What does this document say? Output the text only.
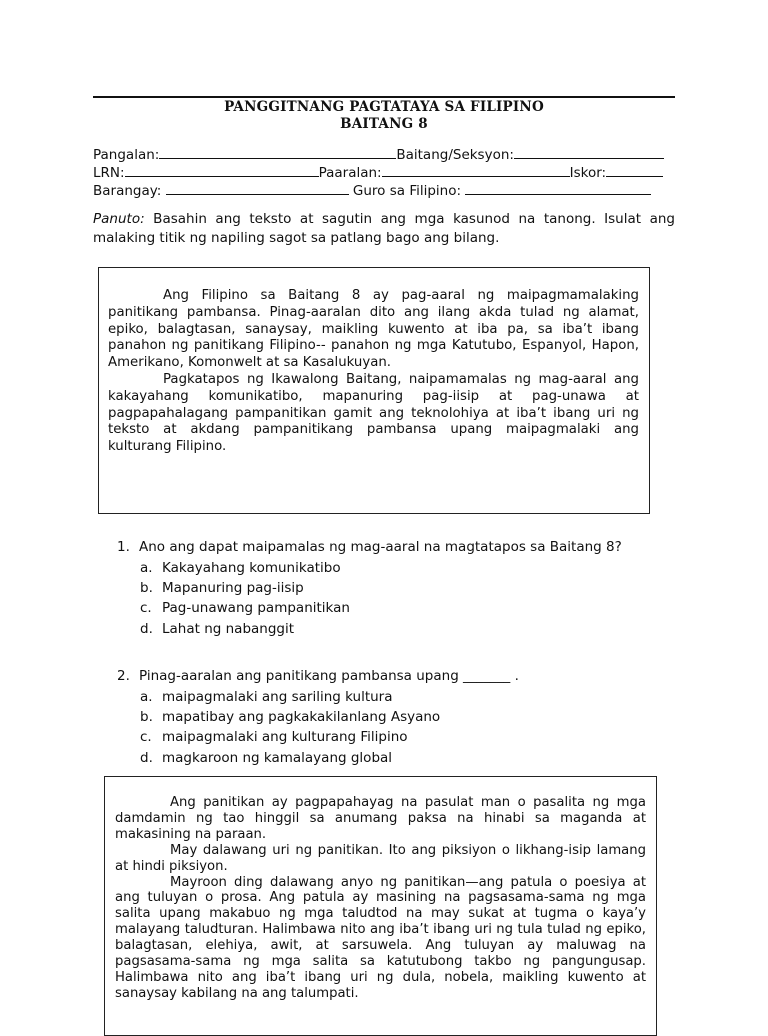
PANGGITNANG PAGTATAYA SA FILIPINO
BAITANG 8
Pangalan:	Baitang/Seksyon:
LRN:	Paaralan:	Iskor:
Barangay:	Guro sa Filipino:
Panuto: Basahin ang teksto at sagutin ang mga kasunod na tanong. Isulat ang malaking titik ng napiling sagot sa patlang bago ang bilang.

Ang Filipino sa Baitang 8 ay pag-aaral ng maipagmamalaking panitikang pambansa. Pinag-aaralan dito ang ilang akda tulad ng alamat, epiko, balagtasan, sanaysay, maikling kuwento at iba pa, sa iba’t ibang panahon ng panitikang Filipino-- panahon ng mga Katutubo, Espanyol, Hapon, Amerikano, Komonwelt at sa Kasalukuyan.

Pagkatapos ng Ikawalong Baitang, naipamamalas ng mag-aaral ang kakayahang komunikatibo, mapanuring pag-iisip at pag-unawa at pagpapahalagang pampanitikan gamit ang teknolohiya at iba’t ibang uri ng teksto at akdang pampanitikang pambansa upang maipagmalaki ang kulturang Filipino.

1. Ano ang dapat maipamalas ng mag-aaral na magtatapos sa Baitang 8?
a. Kakayahang komunikatibo
b. Mapanuring pag-iisip
c. Pag-unawang pampanitikan
d. Lahat ng nabanggit
2. Pinag-aaralan ang panitikang pambansa upang _______ .
a. maipagmalaki ang sariling kultura
b. mapatibay ang pagkakakilanlang Asyano
c. maipagmalaki ang kulturang Filipino
d. magkaroon ng kamalayang global

Ang panitikan ay pagpapahayag na pasulat man o pasalita ng mga damdamin ng tao hinggil sa anumang paksa na hinabi sa maganda at makasining na paraan.

May dalawang uri ng panitikan. Ito ang piksiyon o likhang-isip lamang at hindi piksiyon.

Mayroon ding dalawang anyo ng panitikan—ang patula o poesiya at ang tuluyan o prosa. Ang patula ay masining na pagsasama-sama ng mga salita upang makabuo ng mga taludtod na may sukat at tugma o kaya’y malayang taludturan. Halimbawa nito ang iba’t ibang uri ng tula tulad ng epiko, balagtasan, elehiya, awit, at sarsuwela. Ang tuluyan ay maluwag na pagsasama-sama ng mga salita sa katutubong takbo ng pangungusap. Halimbawa nito ang iba’t ibang uri ng dula, nobela, maikling kuwento at sanaysay kabilang na ang talumpati.
